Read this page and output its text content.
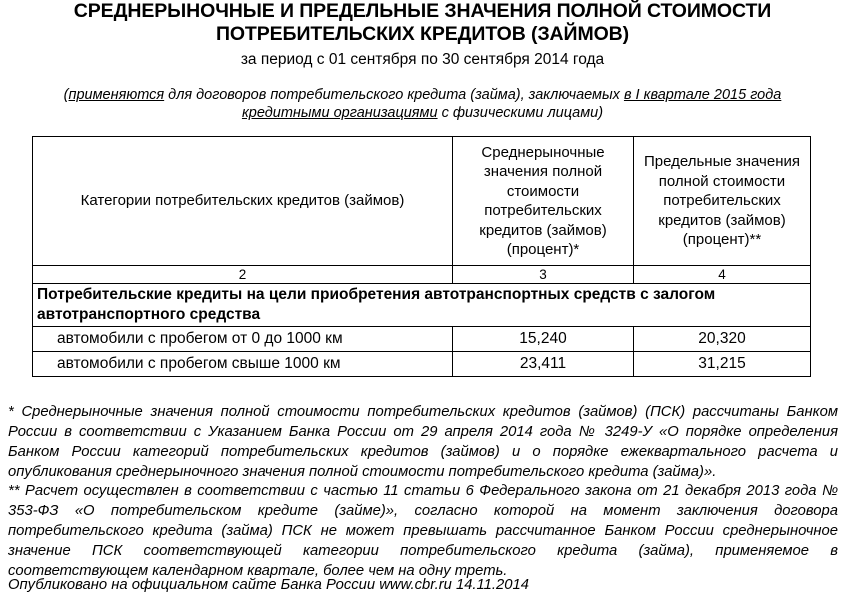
СРЕДНЕРЫНОЧНЫЕ И ПРЕДЕЛЬНЫЕ ЗНАЧЕНИЯ ПОЛНОЙ СТОИМОСТИ
ПОТРЕБИТЕЛЬСКИХ КРЕДИТОВ (ЗАЙМОВ)
за период с 01 сентября по 30 сентября 2014 года
(применяются для договоров потребительского кредита (займа), заключаемых в I квартале 2015 года
кредитными организациями с физическими лицами)
Категории потребительских кредитов (займов)	Среднерыночные значения полной стоимости потребительских кредитов (займов) (процент)*	Предельные значения полной стоимости потребительских кредитов (займов) (процент)**
2	3	4
Потребительские кредиты на цели приобретения автотранспортных средств с залогом автотранспортного средства		
автомобили с пробегом от 0 до 1000 км	15,240	20,320
автомобили с пробегом свыше 1000 км	23,411	31,215
* Среднерыночные значения полной стоимости потребительских кредитов (займов) (ПСК) рассчитаны Банком России в соответствии с Указанием Банка России от 29 апреля 2014 года № 3249-У «О порядке определения Банком России категорий потребительских кредитов (займов) и о порядке ежеквартального расчета и опубликования среднерыночного значения полной стоимости потребительского кредита (займа)».
** Расчет осуществлен в соответствии с частью 11 статьи 6 Федерального закона от 21 декабря 2013 года № 353-ФЗ «О потребительском кредите (займе)», согласно которой на момент заключения договора потребительского кредита (займа) ПСК не может превышать рассчитанное Банком России среднерыночное значение ПСК соответствующей категории потребительского кредита (займа), применяемое в соответствующем календарном квартале, более чем на одну треть.
Опубликовано на официальном сайте Банка России www.cbr.ru 14.11.2014
